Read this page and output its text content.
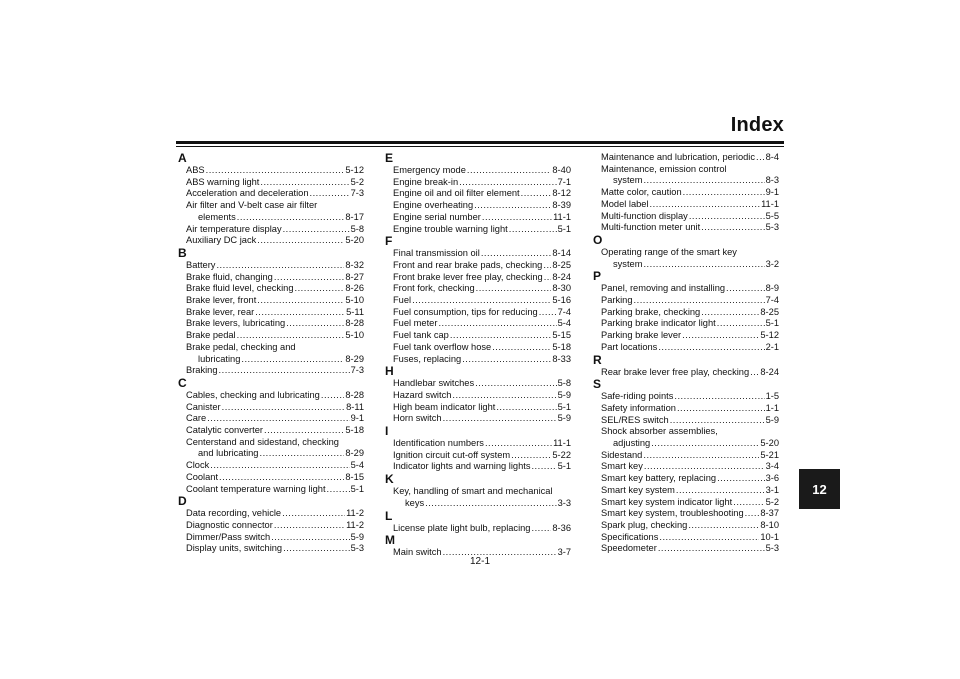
Index
A
ABS .....	5-12
ABS warning light .....	5-2
Acceleration and deceleration .....	7-3
Air filter and V-belt case air filter
elements .....	8-17
Air temperature display .....	5-8
Auxiliary DC jack .....	5-20
B
Battery .....	8-32
Brake fluid, changing .....	8-27
Brake fluid level, checking .....	8-26
Brake lever, front .....	5-10
Brake lever, rear .....	5-11
Brake levers, lubricating .....	8-28
Brake pedal .....	5-10
Brake pedal, checking and
lubricating .....	8-29
Braking .....	7-3
C
Cables, checking and lubricating .....	8-28
Canister .....	8-11
Care .....	9-1
Catalytic converter .....	5-18
Centerstand and sidestand, checking
and lubricating .....	8-29
Clock .....	5-4
Coolant .....	8-15
Coolant temperature warning light .....	5-1
D
Data recording, vehicle .....	11-2
Diagnostic connector .....	11-2
Dimmer/Pass switch .....	5-9
Display units, switching .....	5-3
E
Emergency mode .....	8-40
Engine break-in .....	7-1
Engine oil and oil filter element .....	8-12
Engine overheating .....	8-39
Engine serial number .....	11-1
Engine trouble warning light .....	5-1
F
Final transmission oil .....	8-14
Front and rear brake pads, checking ..... 8-25
Front brake lever free play, checking ..... 8-24
Front fork, checking .....	8-30
Fuel .....	5-16
Fuel consumption, tips for reducing ..... 7-4
Fuel meter .....	5-4
Fuel tank cap .....	5-15
Fuel tank overflow hose .....	5-18
Fuses, replacing .....	8-33
H
Handlebar switches .....	5-8
Hazard switch .....	5-9
High beam indicator light .....	5-1
Horn switch .....	5-9
I
Identification numbers .....	11-1
Ignition circuit cut-off system .....	5-22
Indicator lights and warning lights .....	5-1
K
Key, handling of smart and mechanical
keys .....	3-3
L
License plate light bulb, replacing ..... 8-36
M
Main switch .....	3-7
Maintenance and lubrication, periodic ..... 8-4
Maintenance, emission control
system .....	8-3
Matte color, caution .....	9-1
Model label .....	11-1
Multi-function display .....	5-5
Multi-function meter unit .....	5-3
O
Operating range of the smart key
system .....	3-2
P
Panel, removing and installing .....	8-9
Parking .....	7-4
Parking brake, checking .....	8-25
Parking brake indicator light .....	5-1
Parking brake lever .....	5-12
Part locations .....	2-1
R
Rear brake lever free play, checking ..... 8-24
S
Safe-riding points .....	1-5
Safety information .....	1-1
SEL/RES switch .....	5-9
Shock absorber assemblies,
adjusting .....	5-20
Sidestand .....	5-21
Smart key .....	3-4
Smart key battery, replacing .....	3-6
Smart key system .....	3-1
Smart key system indicator light .....	5-2
Smart key system, troubleshooting ..... 8-37
Spark plug, checking .....	8-10
Specifications .....	10-1
Speedometer .....	5-3
12
12-1
